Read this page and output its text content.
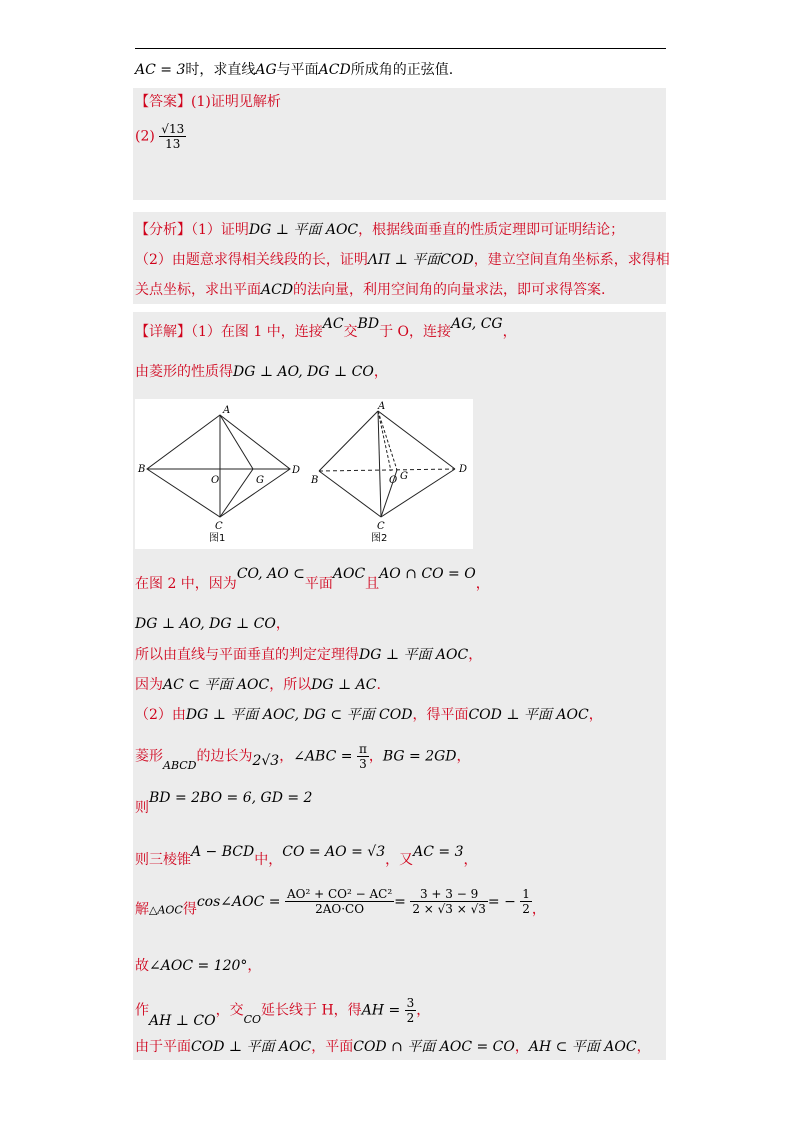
AC = 3时，求直线AG与平面ACD所成角的正弦值.
【答案】(1)证明见解析
$(2) \frac{√13}{13}$
【分析】（1）证明DG ⊥ 平面 AOC，根据线面垂直的性质定理即可证明结论；
（2）由题意求得相关线段的长，证明ΛΠ ⊥ 平面COD，建立空间直角坐标系，求得相
关点坐标，求出平面ACD的法向量，利用空间角的向量求法，即可求得答案.
【详解】（1）在图 1 中，连接AC交BD于 O，连接AG, CG，
由菱形的性质得DG ⊥ AO, DG ⊥ CO，
A
B
C
D
O	G
A
B
C
D
O G
图1	图2
在图 2 中，因为CO, AO ⊂平面AOC且AO ∩ CO = O，
DG ⊥ AO, DG ⊥ CO，
所以由直线与平面垂直的判定定理得DG ⊥ 平面 AOC，
因为AC ⊂ 平面 AOC，所以DG ⊥ AC.
（2）由DG ⊥ 平面 AOC, DG ⊂ 平面 COD，得平面COD ⊥ 平面 AOC，
菱形$_{ABCD}$的边长为2√3，∠ABC = $\frac{\pi}{3}$ ，BG = 2GD，
则BD = 2BO = 6, GD = 2
则三棱锥A − BCD中，CO = AO = √3，又AC = 3，
解△AOC得cos∠AOC = $\frac{\text{AO² + CO² − AC²}}{2AO\cdot CO} = \frac{3 + 3 - 9}{2 \times √3 \times √3}$ = − $\frac{1}{2}$ ，
故∠AOC = 120°，
作AH ⊥ CO，交$_{CO}$延长线于 H，得AH = $\frac{3}{2}$ ，
由于平面COD ⊥ 平面 AOC，平面COD ∩ 平面 AOC = CO，AH ⊂ 平面 AOC，
